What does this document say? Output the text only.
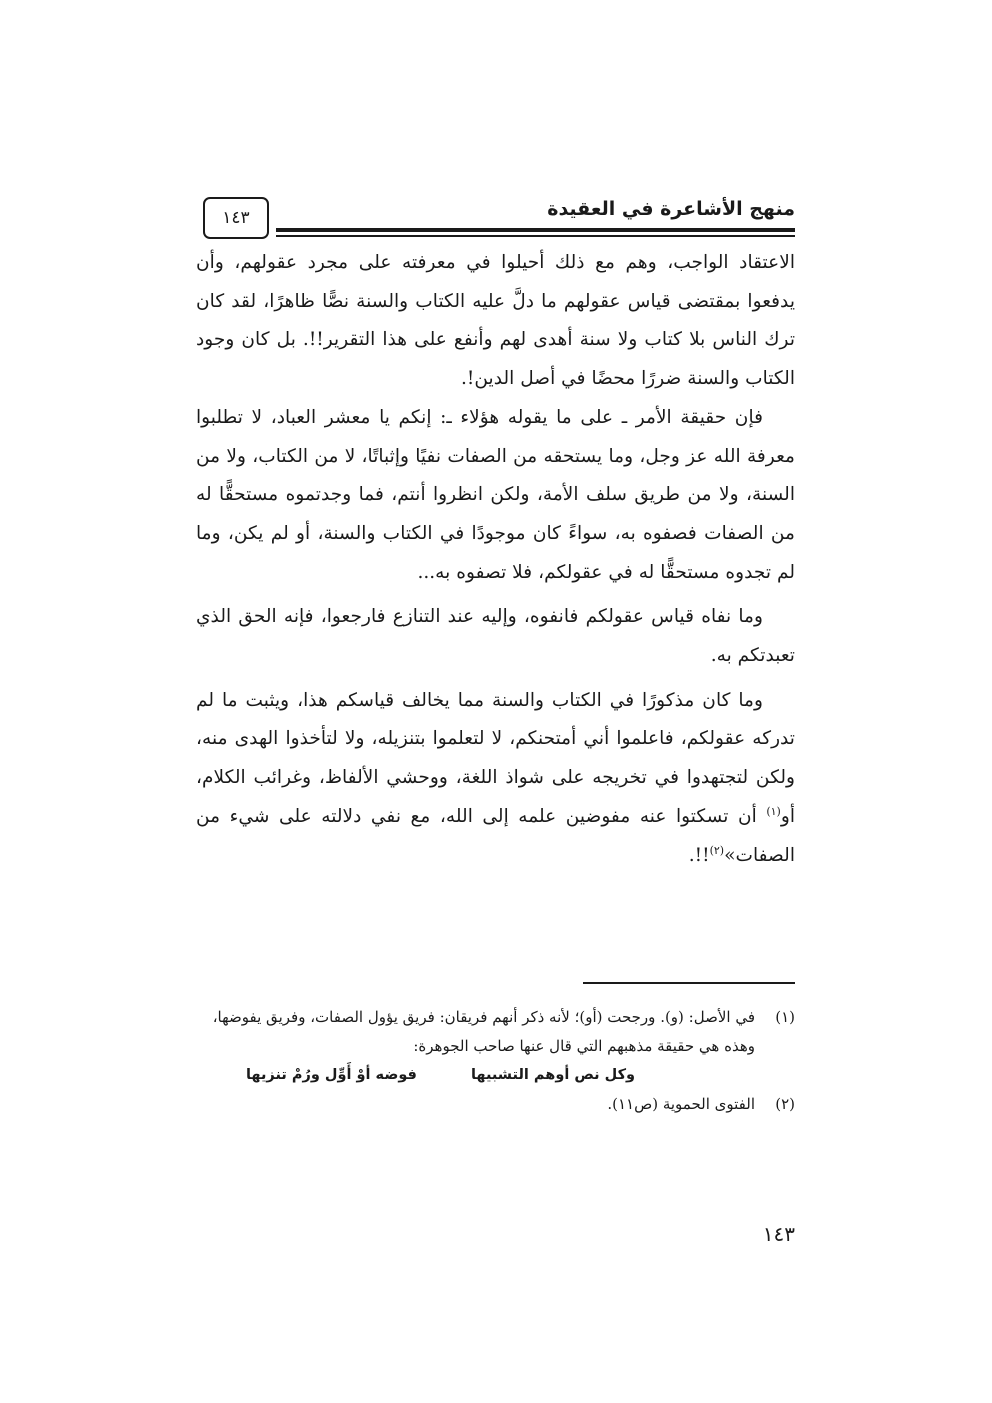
منهج الأشاعرة في العقيدة
١٤٣

الاعتقاد الواجب، وهم مع ذلك أحيلوا في معرفته على مجرد عقولهم، وأن يدفعوا بمقتضى قياس عقولهم ما دلَّ عليه الكتاب والسنة نصًّا ظاهرًا، لقد كان ترك الناس بلا كتاب ولا سنة أهدى لهم وأنفع على هذا التقرير!!. بل كان وجود الكتاب والسنة ضررًا محضًا في أصل الدين!.

فإن حقيقة الأمر ـ على ما يقوله هؤلاء ـ: إنكم يا معشر العباد، لا تطلبوا معرفة الله عز وجل، وما يستحقه من الصفات نفيًا وإثباتًا، لا من الكتاب، ولا من السنة، ولا من طريق سلف الأمة، ولكن انظروا أنتم، فما وجدتموه مستحقًّا له من الصفات فصفوه به، سواءً كان موجودًا في الكتاب والسنة، أو لم يكن، وما لم تجدوه مستحقًّا له في عقولكم، فلا تصفوه به...

وما نفاه قياس عقولكم فانفوه، وإليه عند التنازع فارجعوا، فإنه الحق الذي تعبدتكم به.

وما كان مذكورًا في الكتاب والسنة مما يخالف قياسكم هذا، ويثبت ما لم تدركه عقولكم، فاعلموا أني أمتحنكم، لا لتعلموا بتنزيله، ولا لتأخذوا الهدى منه، ولكن لتجتهدوا في تخريجه على شواذ اللغة، ووحشي الألفاظ، وغرائب الكلام، أو$^{(١)}$ أن تسكتوا عنه مفوضين علمه إلى الله، مع نفي دلالته على شيء من الصفات»$^{(٢)}$!!.

(١)
في الأصل: (و). ورجحت (أو)؛ لأنه ذكر أنهم فريقان: فريق يؤول الصفات، وفريق يفوضها، وهذه هي حقيقة مذهبهم التي قال عنها صاحب الجوهرة:
وكل نص أوهم التشبيها
فوضه أوْ أَوِّل ورُمْ تنزيها
(٢)
الفتوى الحموية (ص١١).
١٤٣
